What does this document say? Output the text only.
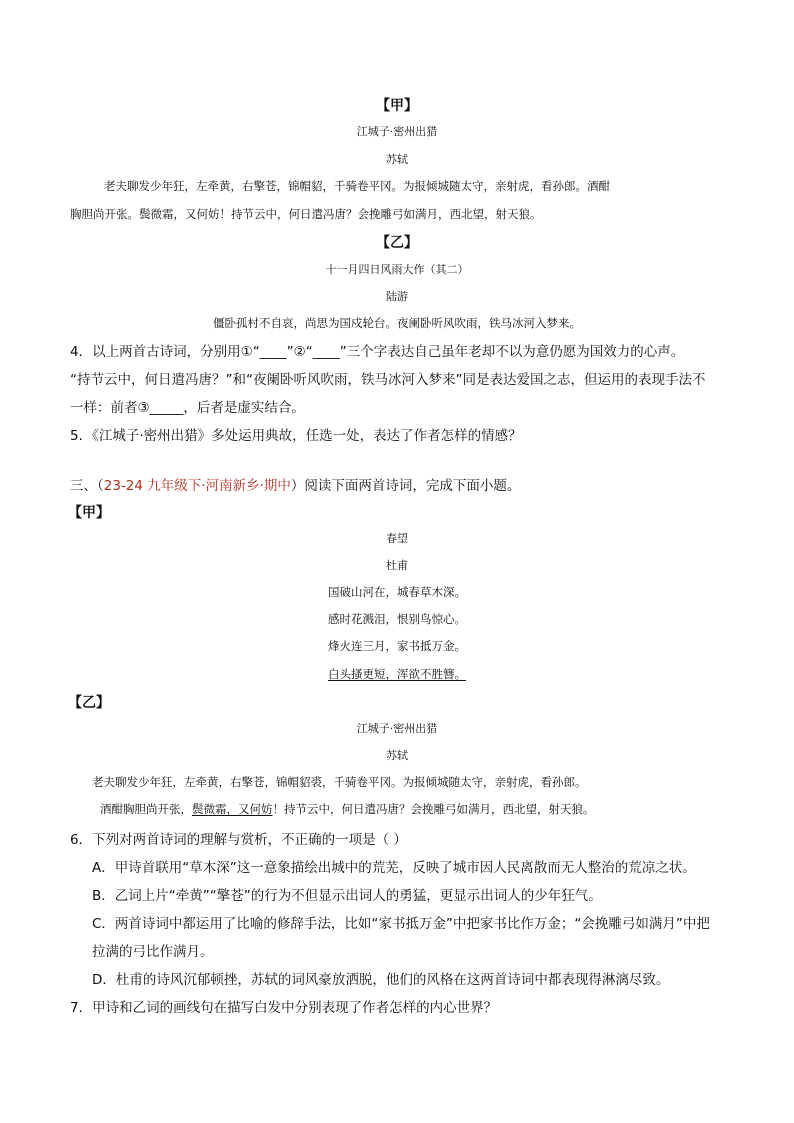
【甲】
江城子·密州出猎
苏轼
老夫聊发少年狂，左牵黄，右擎苍，锦帽貂，千骑卷平冈。为报倾城随太守，亲射虎，看孙郎。酒酣
胸胆尚开张。鬓微霜，又何妨！持节云中，何日遣冯唐？会挽雕弓如满月，西北望，射天狼。
【乙】
十一月四日风雨大作（其二）
陆游
僵卧孤村不自哀，尚思为国戍轮台。夜阑卧听风吹雨，铁马冰河入梦来。
4．以上两首古诗词，分别用①“____”②“____”三个字表达自己虽年老却不以为意仍愿为国效力的心声。
“持节云中，何日遣冯唐？”和“夜阑卧听风吹雨，铁马冰河入梦来”同是表达爱国之志，但运用的表现手法不
一样：前者③_____，后者是虚实结合。
5．《江城子·密州出猎》多处运用典故，任选一处，表达了作者怎样的情感？
三、（23-24 九年级下·河南新乡·期中）阅读下面两首诗词，完成下面小题。
【甲】
春望
杜甫
国破山河在，城春草木深。
感时花溅泪，恨别鸟惊心。
烽火连三月，家书抵万金。
白头搔更短，浑欲不胜簪。
【乙】
江城子·密州出猎
苏轼
老夫聊发少年狂，左牵黄，右擎苍，锦帽貂裘，千骑卷平冈。为报倾城随太守，亲射虎，看孙郎。
酒酣胸胆尚开张，鬓微霜，又何妨！持节云中，何日遣冯唐？会挽雕弓如满月，西北望，射天狼。
6．下列对两首诗词的理解与赏析，不正确的一项是（ ）
A．甲诗首联用“草木深”这一意象描绘出城中的荒芜，反映了城市因人民离散而无人整治的荒凉之状。
B．乙词上片“牵黄”“擎苍”的行为不但显示出词人的勇猛，更显示出词人的少年狂气。
C．两首诗词中都运用了比喻的修辞手法，比如“家书抵万金”中把家书比作万金；“会挽雕弓如满月”中把
拉满的弓比作满月。
D．杜甫的诗风沉郁顿挫，苏轼的词风豪放洒脱，他们的风格在这两首诗词中都表现得淋漓尽致。
7．甲诗和乙词的画线句在描写白发中分别表现了作者怎样的内心世界？
